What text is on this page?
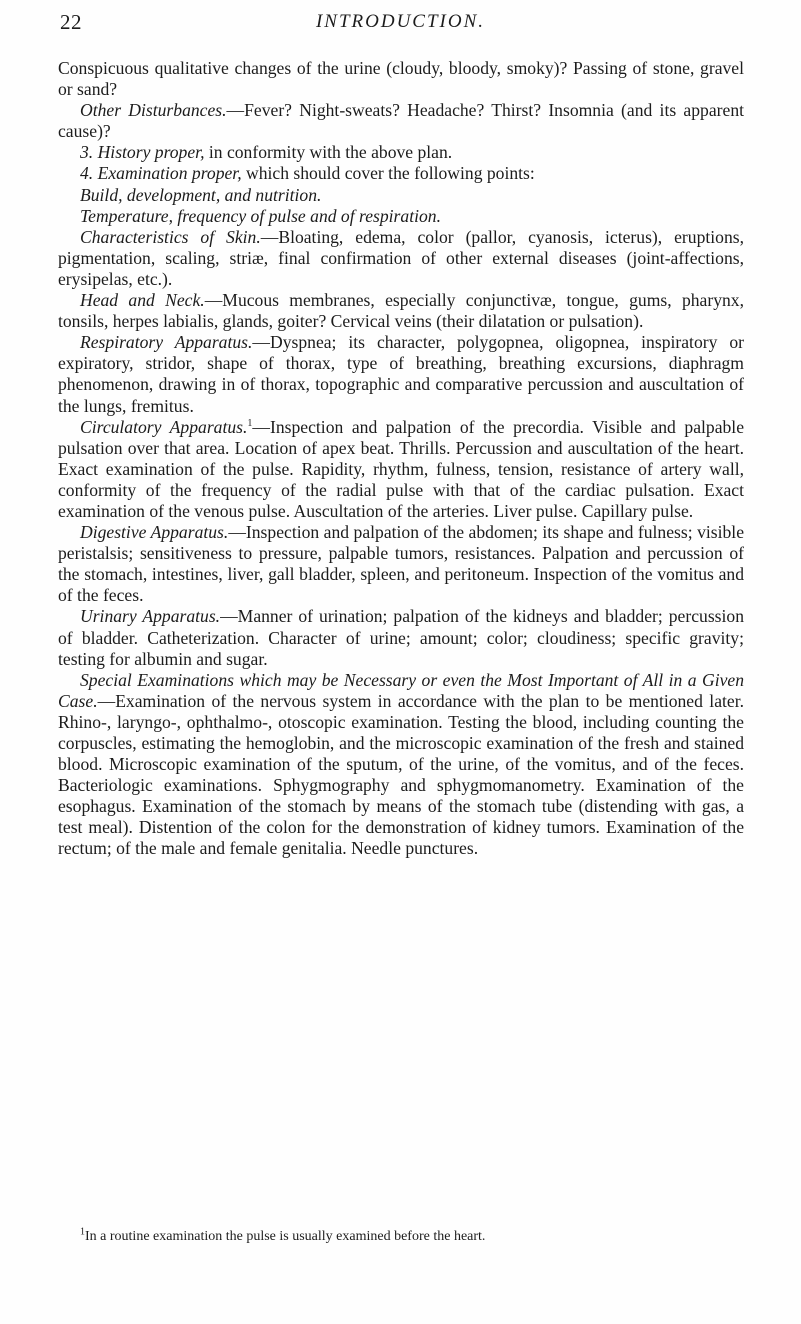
22	INTRODUCTION.

Conspicuous qualitative changes of the urine (cloudy, bloody, smoky)? Passing of stone, gravel or sand?

Other Disturbances.—Fever? Night-sweats? Headache? Thirst? Insomnia (and its apparent cause)?

3. History proper, in conformity with the above plan.

4. Examination proper, which should cover the following points:

Build, development, and nutrition.

Temperature, frequency of pulse and of respiration.

Characteristics of Skin.—Bloating, edema, color (pallor, cyanosis, icterus), eruptions, pigmentation, scaling, striæ, final confirmation of other external diseases (joint-affections, erysipelas, etc.).

Head and Neck.—Mucous membranes, especially conjunctivæ, tongue, gums, pharynx, tonsils, herpes labialis, glands, goiter? Cervical veins (their dilatation or pulsation).

Respiratory Apparatus.—Dyspnea; its character, polygopnea, oligopnea, inspiratory or expiratory, stridor, shape of thorax, type of breathing, breathing excursions, diaphragm phenomenon, drawing in of thorax, topographic and comparative percussion and auscultation of the lungs, fremitus.

Circulatory Apparatus.$^1$—Inspection and palpation of the precordia. Visible and palpable pulsation over that area. Location of apex beat. Thrills. Percussion and auscultation of the heart. Exact examination of the pulse. Rapidity, rhythm, fulness, tension, resistance of artery wall, conformity of the frequency of the radial pulse with that of the cardiac pulsation. Exact examination of the venous pulse. Auscultation of the arteries. Liver pulse. Capillary pulse.

Digestive Apparatus.—Inspection and palpation of the abdomen; its shape and fulness; visible peristalsis; sensitiveness to pressure, palpable tumors, resistances. Palpation and percussion of the stomach, intestines, liver, gall bladder, spleen, and peritoneum. Inspection of the vomitus and of the feces.

Urinary Apparatus.—Manner of urination; palpation of the kidneys and bladder; percussion of bladder. Catheterization. Character of urine; amount; color; cloudiness; specific gravity; testing for albumin and sugar.

Special Examinations which may be Necessary or even the Most Important of All in a Given Case.—Examination of the nervous system in accordance with the plan to be mentioned later. Rhino-, laryngo-, ophthalmo-, otoscopic examination. Testing the blood, including counting the corpuscles, estimating the hemoglobin, and the microscopic examination of the fresh and stained blood. Microscopic examination of the sputum, of the urine, of the vomitus, and of the feces. Bacteriologic examinations. Sphygmography and sphygmomanometry. Examination of the esophagus. Examination of the stomach by means of the stomach tube (distending with gas, a test meal). Distention of the colon for the demonstration of kidney tumors. Examination of the rectum; of the male and female genitalia. Needle punctures.

$^1$In a routine examination the pulse is usually examined before the heart.
